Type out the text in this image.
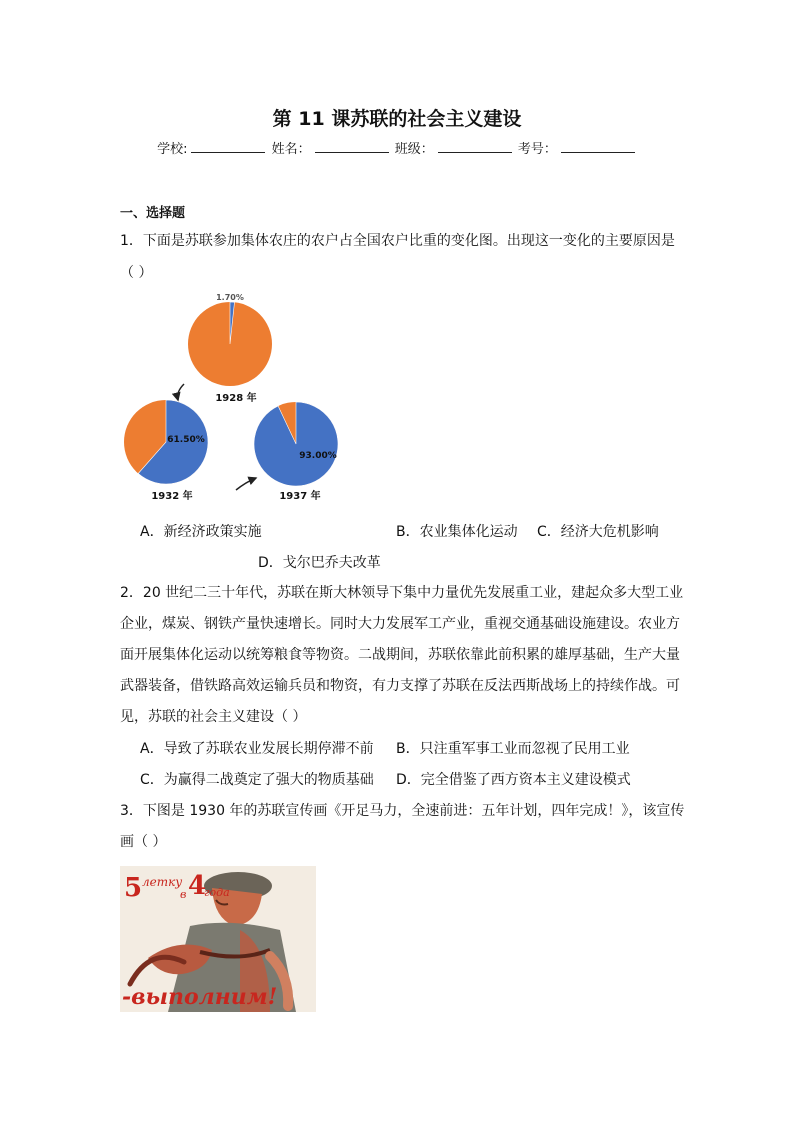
第 11 课苏联的社会主义建设
学校:	姓名：	班级：	考号：
一、选择题
1．下面是苏联参加集体农庄的农户占全国农户比重的变化图。出现这一变化的主要原因是
（ ）
1.70%
61.50%
93.00%
1928 年
1932 年	1937 年
A．新经济政策实施	B．农业集体化运动 C．经济大危机影响
D．戈尔巴乔夫改革
2．20 世纪二三十年代，苏联在斯大林领导下集中力量优先发展重工业，建起众多大型工业
企业，煤炭、钢铁产量快速增长。同时大力发展军工产业，重视交通基础设施建设。农业方
面开展集体化运动以统筹粮食等物资。二战期间，苏联依靠此前积累的雄厚基础，生产大量
武器装备，借铁路高效运输兵员和物资，有力支撑了苏联在反法西斯战场上的持续作战。可
见，苏联的社会主义建设（ ）
A．导致了苏联农业发展长期停滞不前 B．只注重军事工业而忽视了民用工业
C．为赢得二战奠定了强大的物质基础 D．完全借鉴了西方资本主义建设模式
3．下图是 1930 年的苏联宣传画《开足马力，全速前进：五年计划，四年完成！》，该宣传
画（ ）
5 лemку
в 4
года
-выполним!
